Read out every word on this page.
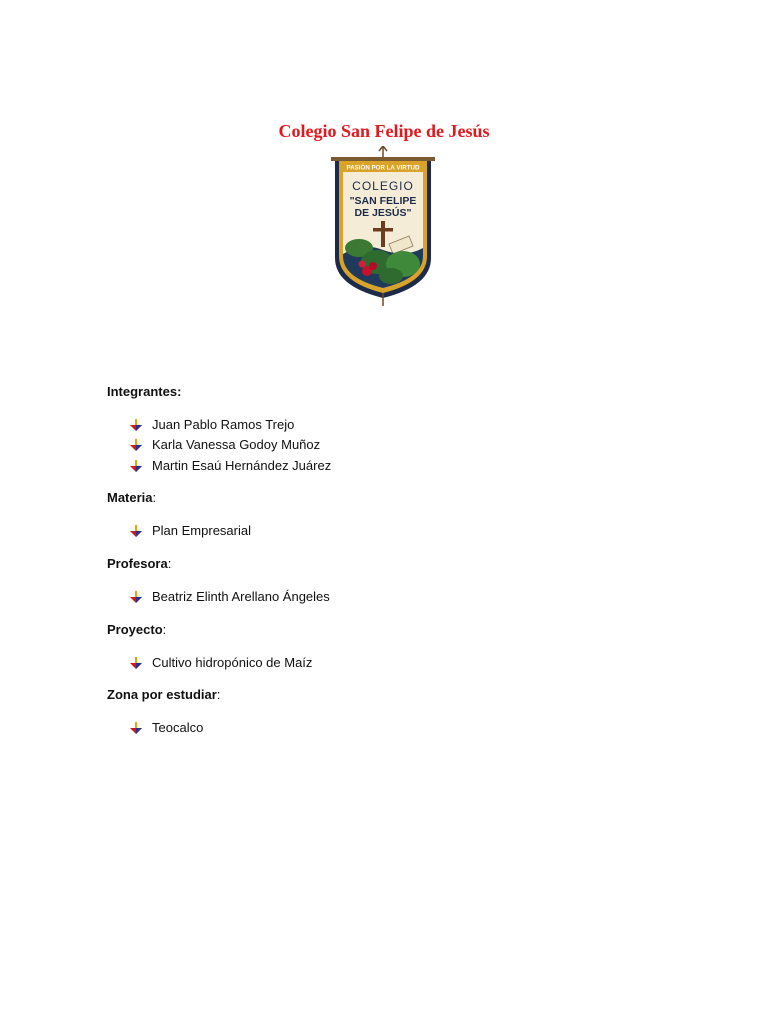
Colegio San Felipe de Jesús
PASIÓN POR LA VIRTUD
COLEGIO
"SAN FELIPE
DE JESÚS"
Integrantes:
Juan Pablo Ramos Trejo
Karla Vanessa Godoy Muñoz
Martin Esaú Hernández Juárez
Materia:
Plan Empresarial
Profesora:
Beatriz Elinth Arellano Ángeles
Proyecto:
Cultivo hidropónico de Maíz
Zona por estudiar:
Teocalco
